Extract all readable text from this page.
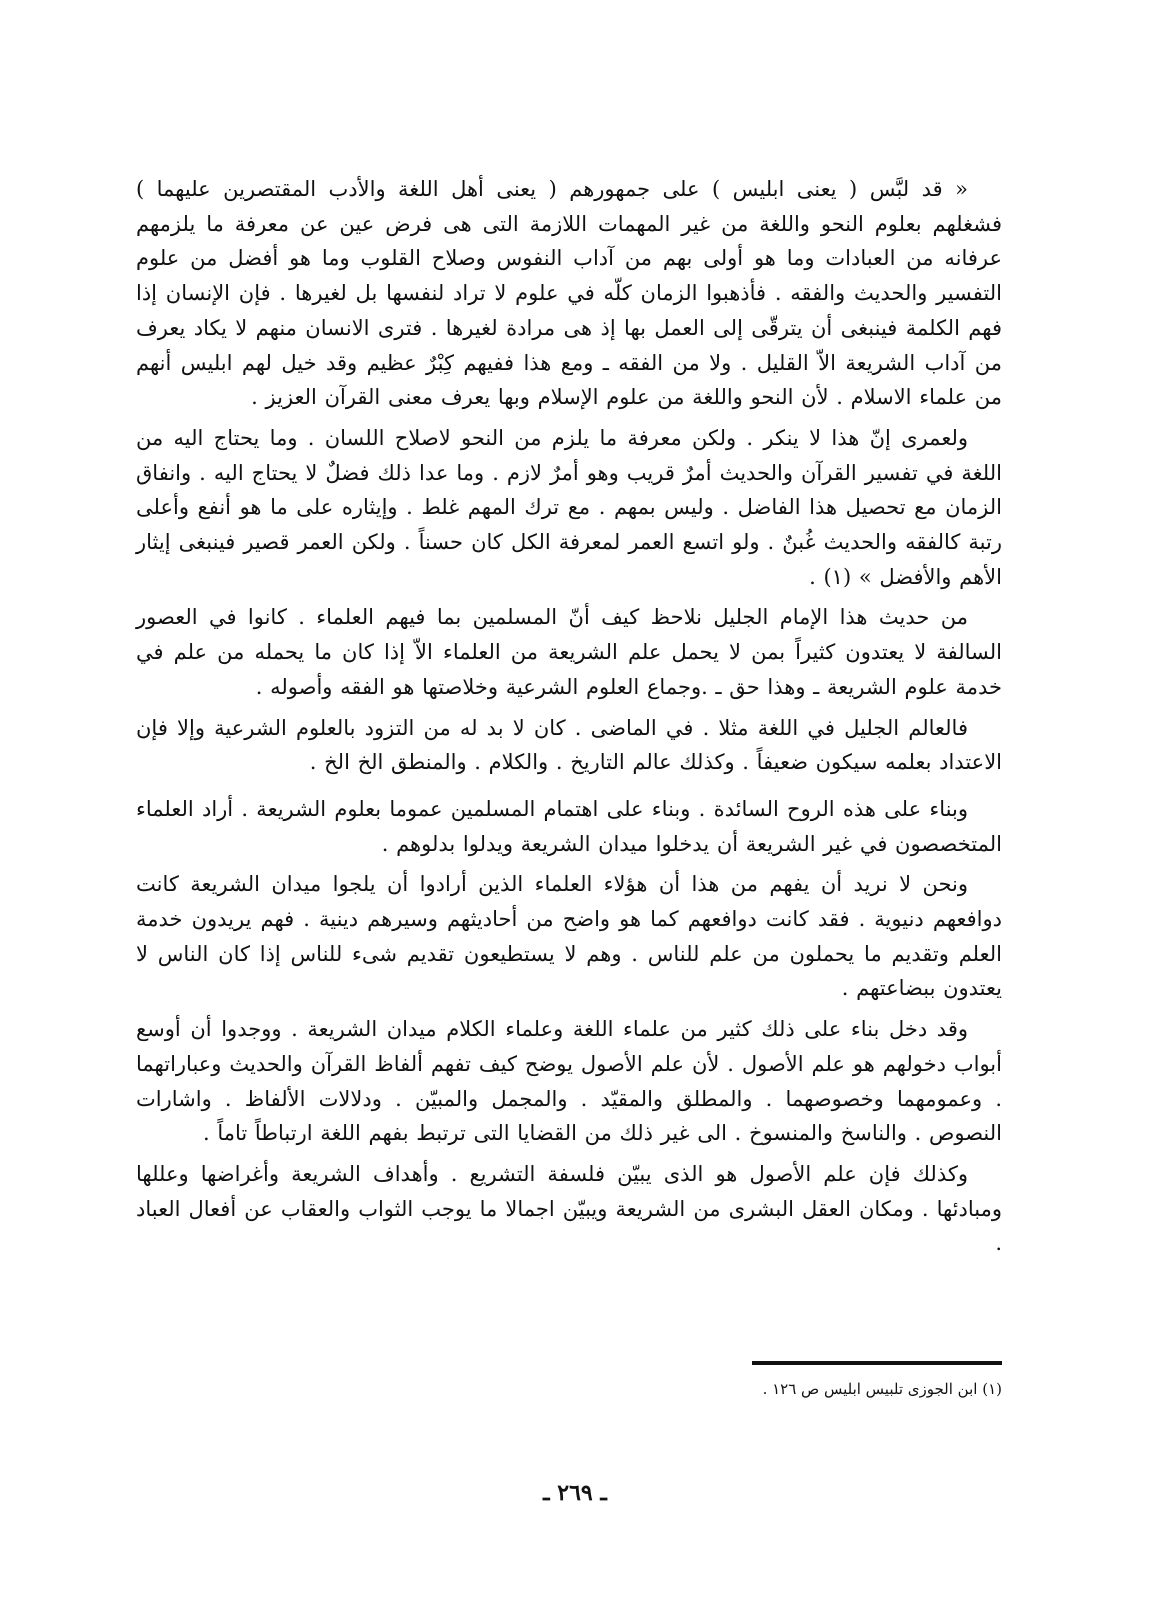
« قد لبَّس ( يعنى ابليس ) على جمهورهم ( يعنى أهل اللغة والأدب المقتصرين عليهما ) فشغلهم بعلوم النحو واللغة من غير المهمات اللازمة التى هى فرض عين عن معرفة ما يلزمهم عرفانه من العبادات وما هو أولى بهم من آداب النفوس وصلاح القلوب وما هو أفضل من علوم التفسير والحديث والفقه . فأذهبوا الزمان كلّه في علوم لا تراد لنفسها بل لغيرها . فإن الإنسان إذا فهم الكلمة فينبغى أن يترقّى إلى العمل بها إذ هى مرادة لغيرها . فترى الانسان منهم لا يكاد يعرف من آداب الشريعة الاّ القليل . ولا من الفقه ـ ومع هذا ففيهم كِبْرٌ عظيم وقد خيل لهم ابليس أنهم من علماء الاسلام . لأن النحو واللغة من علوم الإسلام وبها يعرف معنى القرآن العزيز .

ولعمرى إنّ هذا لا ينكر . ولكن معرفة ما يلزم من النحو لاصلاح اللسان . وما يحتاج اليه من اللغة في تفسير القرآن والحديث أمرٌ قريب وهو أمرٌ لازم . وما عدا ذلك فضلٌ لا يحتاج اليه . وانفاق الزمان مع تحصيل هذا الفاضل . وليس بمهم . مع ترك المهم غلط . وإيثاره على ما هو أنفع وأعلى رتبة كالفقه والحديث غُبنٌ . ولو اتسع العمر لمعرفة الكل كان حسناً . ولكن العمر قصير فينبغى إيثار الأهم والأفضل » (١) .

من حديث هذا الإمام الجليل نلاحظ كيف أنّ المسلمين بما فيهم العلماء . كانوا في العصور السالفة لا يعتدون كثيراً بمن لا يحمل علم الشريعة من العلماء الاّ إذا كان ما يحمله من علم في خدمة علوم الشريعة ـ وهذا حق ـ .وجماع العلوم الشرعية وخلاصتها هو الفقه وأصوله .

فالعالم الجليل في اللغة مثلا . في الماضى . كان لا بد له من التزود بالعلوم الشرعية وإلا فإن الاعتداد بعلمه سيكون ضعيفاً . وكذلك عالم التاريخ . والكلام . والمنطق الخ الخ .

وبناء على هذه الروح السائدة . وبناء على اهتمام المسلمين عموما بعلوم الشريعة . أراد العلماء المتخصصون في غير الشريعة أن يدخلوا ميدان الشريعة ويدلوا بدلوهم .

ونحن لا نريد أن يفهم من هذا أن هؤلاء العلماء الذين أرادوا أن يلجوا ميدان الشريعة كانت دوافعهم دنيوية . فقد كانت دوافعهم كما هو واضح من أحاديثهم وسيرهم دينية . فهم يريدون خدمة العلم وتقديم ما يحملون من علم للناس . وهم لا يستطيعون تقديم شىء للناس إذا كان الناس لا يعتدون ببضاعتهم .

وقد دخل بناء على ذلك كثير من علماء اللغة وعلماء الكلام ميدان الشريعة . ووجدوا أن أوسع أبواب دخولهم هو علم الأصول . لأن علم الأصول يوضح كيف تفهم ألفاظ القرآن والحديث وعباراتهما . وعمومهما وخصوصهما . والمطلق والمقيّد . والمجمل والمبيّن . ودلالات الألفاظ . واشارات النصوص . والناسخ والمنسوخ . الى غير ذلك من القضايا التى ترتبط بفهم اللغة ارتباطاً تاماً .

وكذلك فإن علم الأصول هو الذى يبيّن فلسفة التشريع . وأهداف الشريعة وأغراضها وعللها ومبادئها . ومكان العقل البشرى من الشريعة ويبيّن اجمالا ما يوجب الثواب والعقاب عن أفعال العباد .

(١) ابن الجوزى تلبيس ابليس ص ١٢٦ .

ـ ٢٦٩ ـ
